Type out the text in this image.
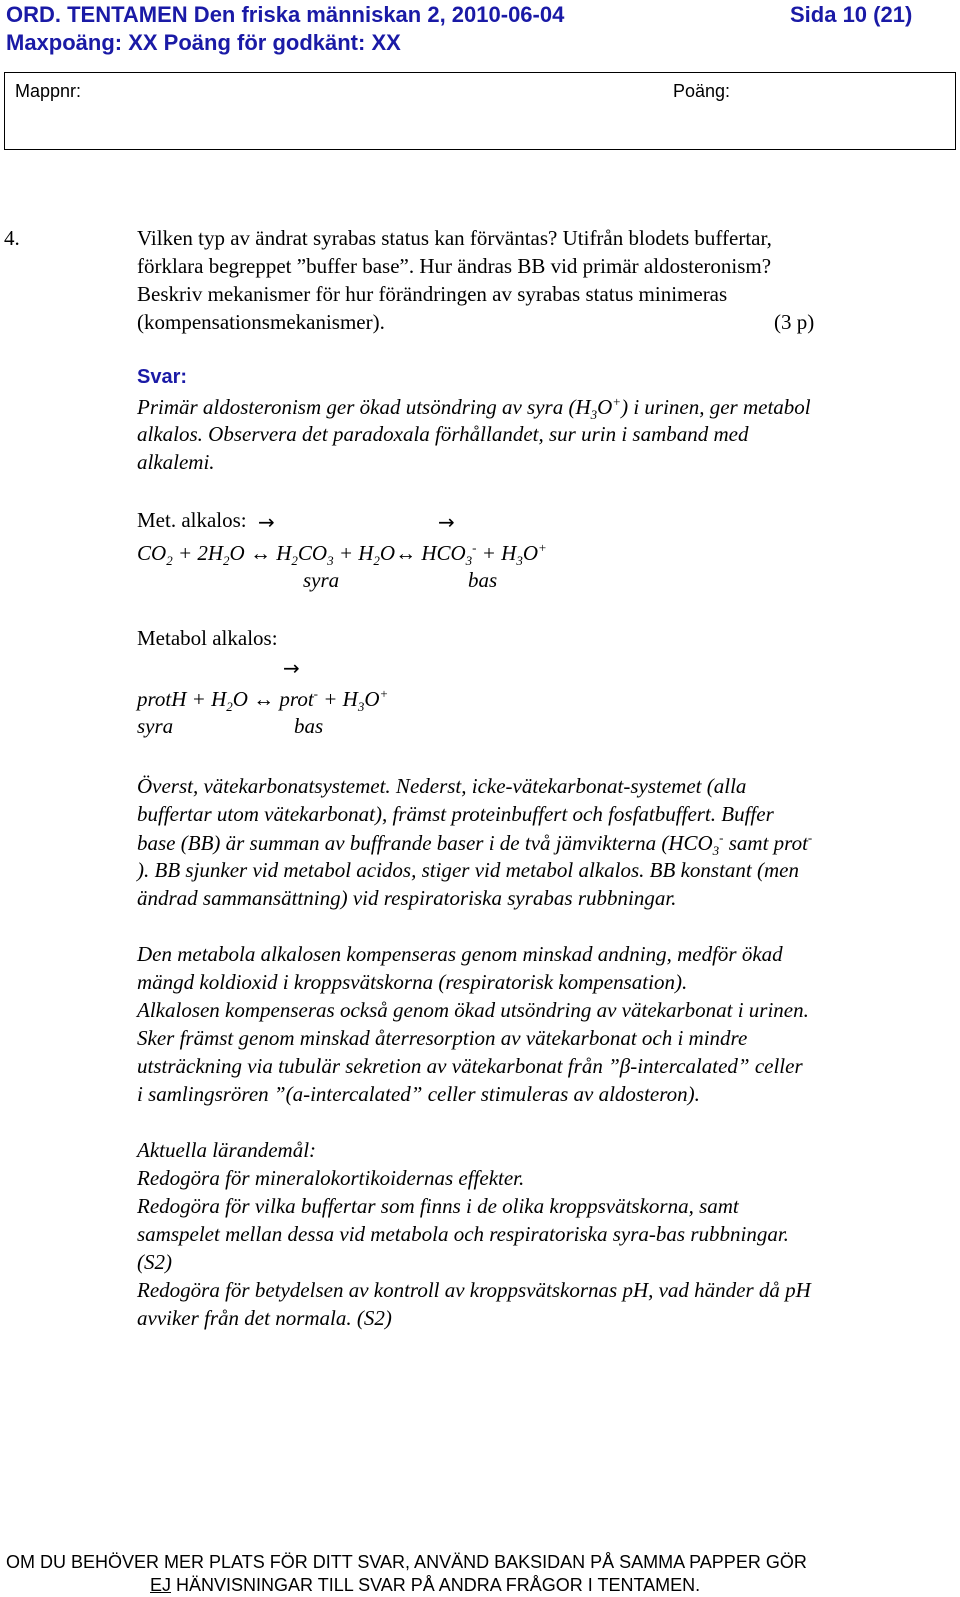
ORD. TENTAMEN Den friska människan 2, 2010-06-04	Sida 10 (21)
Maxpoäng: XX Poäng för godkänt: XX
Mappnr:	Poäng:
4.	Vilken typ av ändrat syrabas status kan förväntas? Utifrån blodets buffertar,
förklara begreppet ”buffer base”. Hur ändras BB vid primär aldosteronism?
Beskriv mekanismer för hur förändringen av syrabas status minimeras
(kompensationsmekanismer).	(3 p)
Svar:
Primär aldosteronism ger ökad utsöndring av syra $(H_3O^+)$ i urinen, ger metabol
alkalos. Observera det paradoxala förhållandet, sur urin i samband med
alkalemi.
Met. alkalos: →	→
$CO_2 + 2H_2O$ ↔ $H_2CO_3$ + $H_2O\leftrightarrow$ $HCO_3^- + H_3O^+$
syra	bas
Metabol alkalos:
→
protH + $H_2O$ ↔ prot- + $H_3O^+$
syra	bas
Överst, vätekarbonatsystemet. Nederst, icke-vätekarbonat-systemet (alla
buffertar utom vätekarbonat), främst proteinbuffert och fosfatbuffert. Buffer
base (BB) är summan av buffrande baser i de två jämvikterna ($HCO_3^-$ samt prot-
). BB sjunker vid metabol acidos, stiger vid metabol alkalos. BB konstant (men
ändrad sammansättning) vid respiratoriska syrabas rubbningar.
Den metabola alkalosen kompenseras genom minskad andning, medför ökad
mängd koldioxid i kroppsvätskorna (respiratorisk kompensation).
Alkalosen kompenseras också genom ökad utsöndring av vätekarbonat i urinen.
Sker främst genom minskad återresorption av vätekarbonat och i mindre
utsträckning via tubulär sekretion av vätekarbonat från ”β-intercalated” celler
i samlingsrören ”(a-intercalated” celler stimuleras av aldosteron).
Aktuella lärandemål:
Redogöra för mineralokortikoidernas effekter.
Redogöra för vilka buffertar som finns i de olika kroppsvätskorna, samt
samspelet mellan dessa vid metabola och respiratoriska syra-bas rubbningar.
(S2)
Redogöra för betydelsen av kontroll av kroppsvätskornas pH, vad händer då pH
avviker från det normala. (S2)
OM DU BEHÖVER MER PLATS FÖR DITT SVAR, ANVÄND BAKSIDAN PÅ SAMMA PAPPER GÖR
EJ HÄNVISNINGAR TILL SVAR PÅ ANDRA FRÅGOR I TENTAMEN.
